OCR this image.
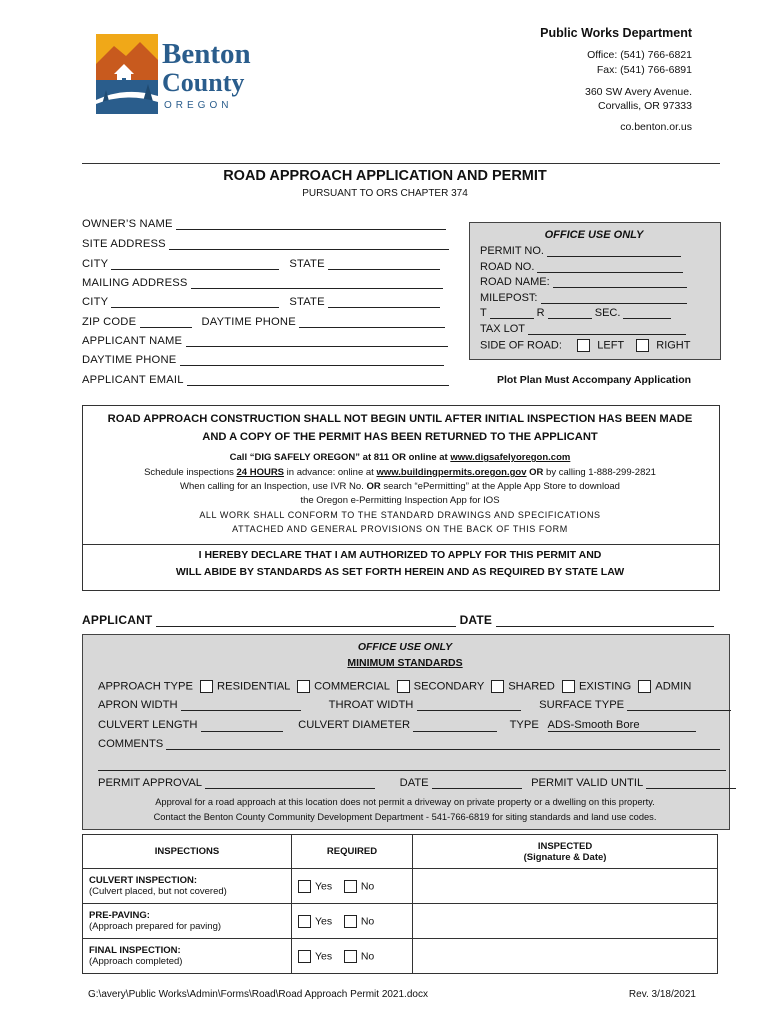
Benton
County
OREGON
Public Works Department
Office: (541) 766-6821
Fax: (541) 766-6891
360 SW Avery Avenue.
Corvallis, OR 97333
co.benton.or.us
ROAD APPROACH APPLICATION AND PERMIT
PURSUANT TO ORS CHAPTER 374
OWNER’S NAME
SITE ADDRESS
CITY	STATE
MAILING ADDRESS
CITY	STATE
ZIP CODE	DAYTIME PHONE
APPLICANT NAME
DAYTIME PHONE
APPLICANT EMAIL
OFFICE USE ONLY
PERMIT NO.
ROAD NO.
ROAD NAME:
MILEPOST:
T	R	SEC.
TAX LOT
SIDE OF ROAD:	LEFT	RIGHT
Plot Plan Must Accompany Application
ROAD APPROACH CONSTRUCTION SHALL NOT BEGIN UNTIL AFTER INITIAL INSPECTION HAS BEEN MADE
AND A COPY OF THE PERMIT HAS BEEN RETURNED TO THE APPLICANT
Call “DIG SAFELY OREGON” at 811 OR online at www.digsafelyoregon.com
Schedule inspections 24 HOURS in advance: online at www.buildingpermits.oregon.gov OR by calling 1-888-299-2821
When calling for an Inspection, use IVR No. OR search “ePermitting” at the Apple App Store to download
the Oregon e-Permitting Inspection App for IOS
ALL WORK SHALL CONFORM TO THE STANDARD DRAWINGS AND SPECIFICATIONS
ATTACHED AND GENERAL PROVISIONS ON THE BACK OF THIS FORM
I HEREBY DECLARE THAT I AM AUTHORIZED TO APPLY FOR THIS PERMIT AND
WILL ABIDE BY STANDARDS AS SET FORTH HEREIN AND AS REQUIRED BY STATE LAW
APPLICANT	DATE
OFFICE USE ONLY
MINIMUM STANDARDS
APPROACH TYPE RESIDENTIAL COMMERCIAL SECONDARY SHARED EXISTING ADMIN
APRON WIDTH	THROAT WIDTH	SURFACE TYPE
CULVERT LENGTH	CULVERT DIAMETER	TYPE ADS-Smooth Bore
COMMENTS
PERMIT APPROVAL	DATE	PERMIT VALID UNTIL
Approval for a road approach at this location does not permit a driveway on private property or a dwelling on this property.
Contact the Benton County Community Development Department - 541-766-6819 for siting standards and land use codes.
INSPECTIONS	REQUIRED	INSPECTED
(Signature & Date)

CULVERT INSPECTION:
(Culvert placed, but not covered)	Yes No	

PRE-PAVING:
(Approach prepared for paving)	Yes No	

FINAL INSPECTION:
(Approach completed)	Yes No	
G:\avery\Public Works\Admin\Forms\Road\Road Approach Permit 2021.docx	Rev. 3/18/2021
